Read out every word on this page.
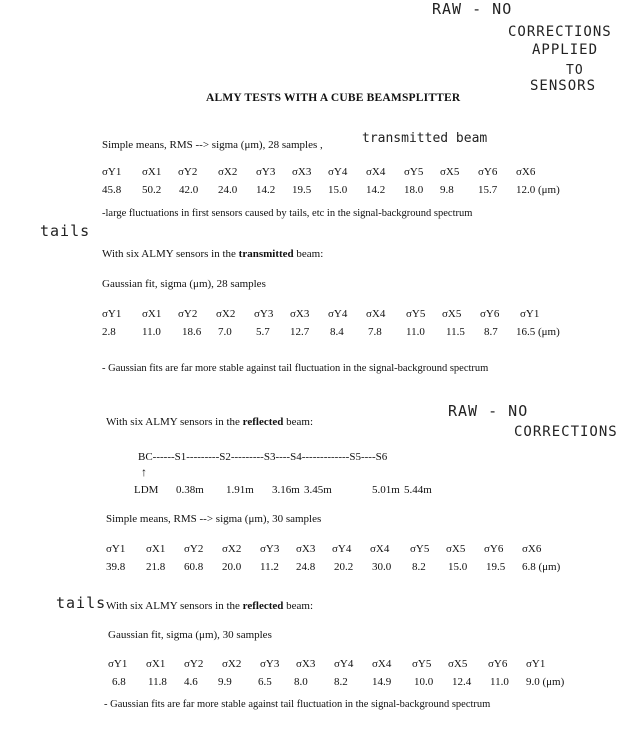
RAW - NO
CORRECTIONS
APPLIED
TO
SENSORS
ALMY TESTS WITH A CUBE BEAMSPLITTER
Simple means, RMS --> sigma (μm), 28 samples ,	transmitted beam
σY1 σX1 σY2 σX2 σY3 σX3 σY4 σX4 σY5 σX5 σY6 σX6
45.8 50.2 42.0 24.0 14.2 19.5 15.0 14.2 18.0 9.8 15.7 12.0 (μm)
tails
-large fluctuations in first sensors caused by tails, etc in the signal-background spectrum
With six ALMY sensors in the transmitted beam:
Gaussian fit, sigma (μm), 28 samples
σY1 σX1 σY2 σX2 σY3 σX3 σY4 σX4 σY5 σX5 σY6 σY1
2.8 11.0 18.6 7.0 5.7 12.7 8.4 7.8 11.0 11.5 8.7 16.5 (μm)
- Gaussian fits are far more stable against tail fluctuation in the signal-background spectrum
RAW - NO
CORRECTIONS
With six ALMY sensors in the reflected beam:
BC------S1---------S2---------S3----S4-------------S5----S6
↑
LDM 0.38m 1.91m 3.16m 3.45m	5.01m 5.44m
Simple means, RMS --> sigma (μm), 30 samples
σY1 σX1 σY2 σX2 σY3 σX3 σY4 σX4 σY5 σX5 σY6 σX6
39.8 21.8 60.8 20.0 11.2 24.8 20.2 30.0 8.2 15.0 19.5 6.8 (μm)
tails With six ALMY sensors in the reflected beam:
Gaussian fit, sigma (μm), 30 samples
σY1 σX1 σY2 σX2 σY3 σX3 σY4 σX4 σY5 σX5 σY6 σY1
6.8 11.8 4.6 9.9 6.5 8.0 8.2 14.9 10.0 12.4 11.0 9.0 (μm)
- Gaussian fits are far more stable against tail fluctuation in the signal-background spectrum
